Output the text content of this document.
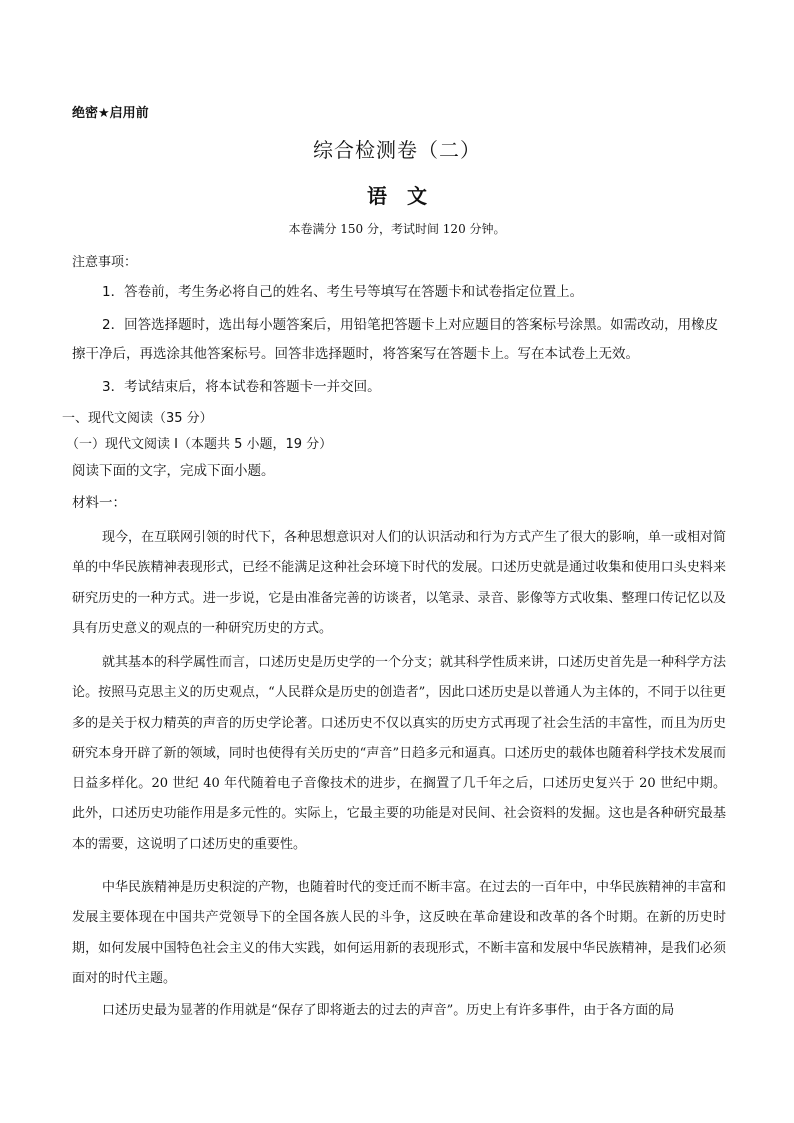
绝密★启用前
综合检测卷（二）
语　文
本卷满分 150 分，考试时间 120 分钟。
注意事项：

1．答卷前，考生务必将自己的姓名、考生号等填写在答题卡和试卷指定位置上。

2．回答选择题时，选出每小题答案后，用铅笔把答题卡上对应题目的答案标号涂黑。如需改动，用橡皮擦干净后，再选涂其他答案标号。回答非选择题时，将答案写在答题卡上。写在本试卷上无效。

3．考试结束后，将本试卷和答题卡一并交回。

一、现代文阅读（35 分）
（一）现代文阅读 I（本题共 5 小题，19 分）
阅读下面的文字，完成下面小题。
材料一：

现今，在互联网引领的时代下，各种思想意识对人们的认识活动和行为方式产生了很大的影响，单一或相对简单的中华民族精神表现形式，已经不能满足这种社会环境下时代的发展。口述历史就是通过收集和使用口头史料来研究历史的一种方式。进一步说，它是由准备完善的访谈者，以笔录、录音、影像等方式收集、整理口传记忆以及具有历史意义的观点的一种研究历史的方式。

就其基本的科学属性而言，口述历史是历史学的一个分支；就其科学性质来讲，口述历史首先是一种科学方法论。按照马克思主义的历史观点，“人民群众是历史的创造者”，因此口述历史是以普通人为主体的，不同于以往更多的是关于权力精英的声音的历史学论著。口述历史不仅以真实的历史方式再现了社会生活的丰富性，而且为历史研究本身开辟了新的领域，同时也使得有关历史的“声音”日趋多元和逼真。口述历史的载体也随着科学技术发展而日益多样化。20 世纪 40 年代随着电子音像技术的进步，在搁置了几千年之后，口述历史复兴于 20 世纪中期。此外，口述历史功能作用是多元性的。实际上，它最主要的功能是对民间、社会资料的发掘。这也是各种研究最基本的需要，这说明了口述历史的重要性。

中华民族精神是历史积淀的产物，也随着时代的变迁而不断丰富。在过去的一百年中，中华民族精神的丰富和发展主要体现在中国共产党领导下的全国各族人民的斗争，这反映在革命建设和改革的各个时期。在新的历史时期，如何发展中国特色社会主义的伟大实践，如何运用新的表现形式，不断丰富和发展中华民族精神，是我们必须面对的时代主题。

口述历史最为显著的作用就是“保存了即将逝去的过去的声音”。历史上有许多事件，由于各方面的局
